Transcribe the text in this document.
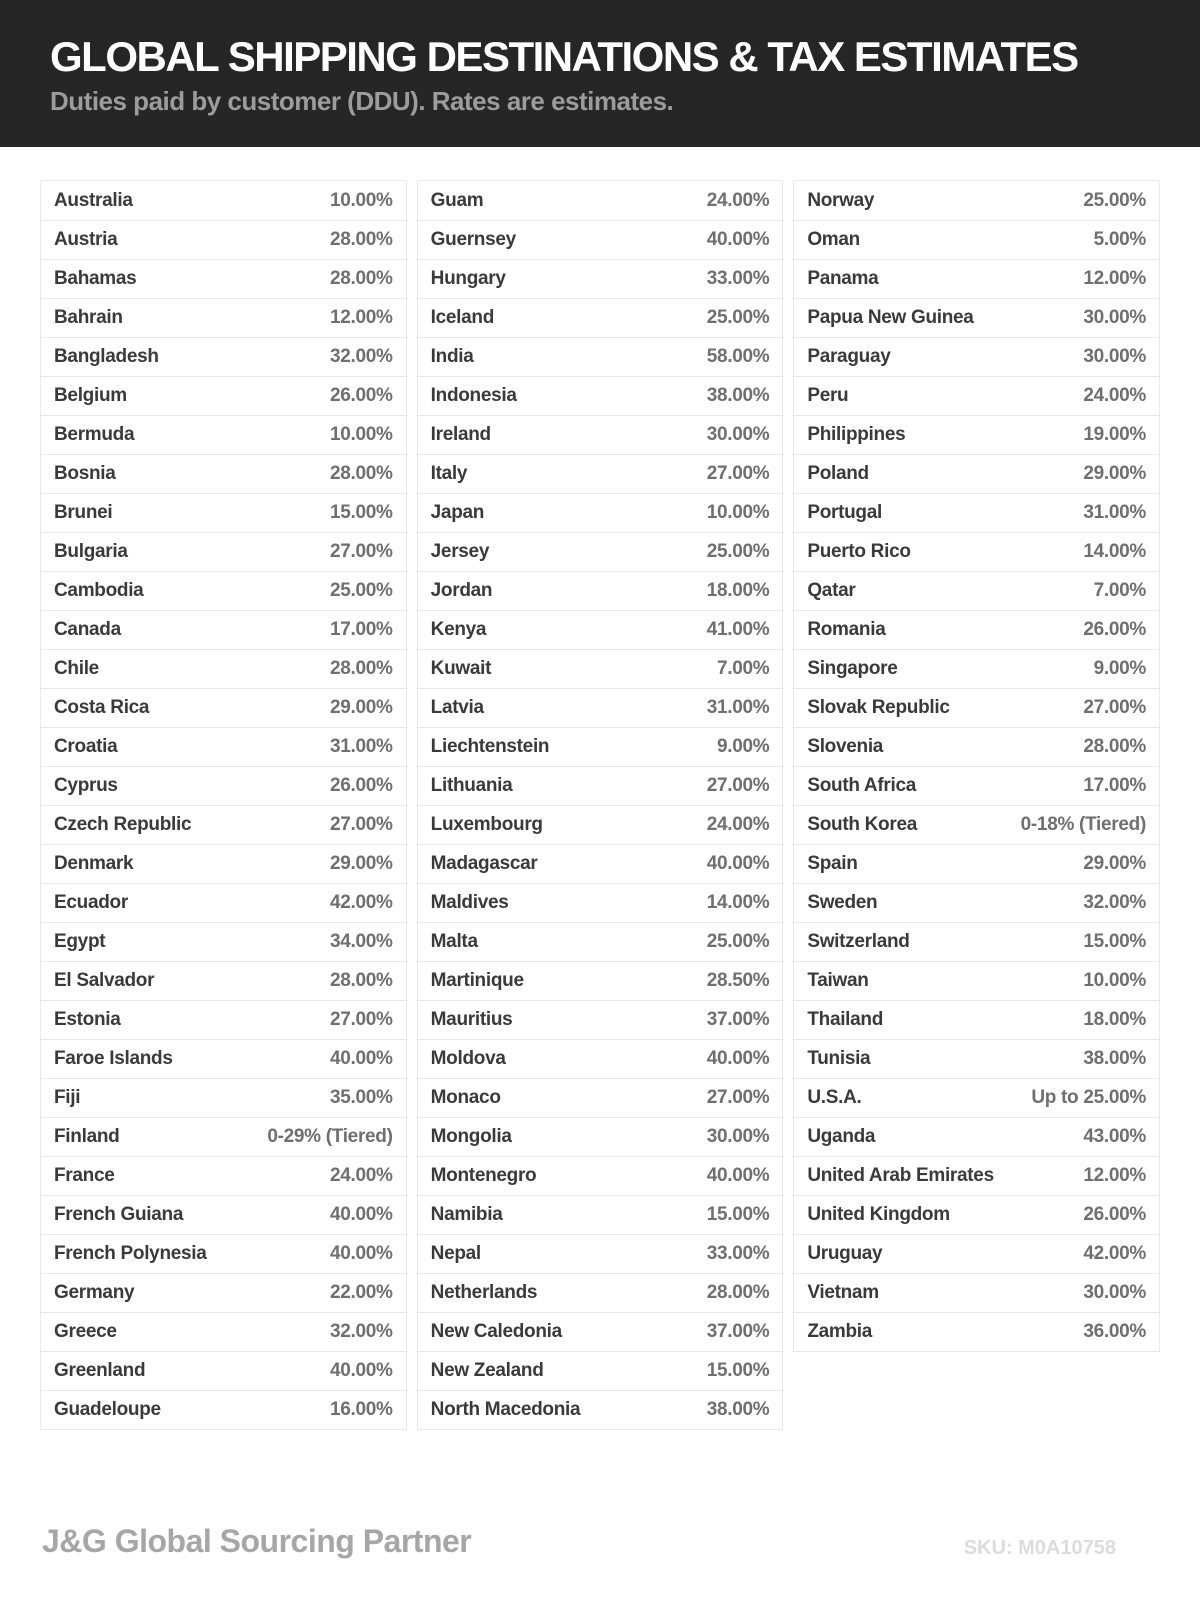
GLOBAL SHIPPING DESTINATIONS & TAX ESTIMATES

Duties paid by customer (DDU). Rates are estimates.

Australia	10.00%
Austria	28.00%
Bahamas	28.00%
Bahrain	12.00%
Bangladesh	32.00%
Belgium	26.00%
Bermuda	10.00%
Bosnia	28.00%
Brunei	15.00%
Bulgaria	27.00%
Cambodia	25.00%
Canada	17.00%
Chile	28.00%
Costa Rica	29.00%
Croatia	31.00%
Cyprus	26.00%
Czech Republic	27.00%
Denmark	29.00%
Ecuador	42.00%
Egypt	34.00%
El Salvador	28.00%
Estonia	27.00%
Faroe Islands	40.00%
Fiji	35.00%
Finland	0-29% (Tiered)
France	24.00%
French Guiana	40.00%
French Polynesia	40.00%
Germany	22.00%
Greece	32.00%
Greenland	40.00%
Guadeloupe	16.00%
Guam	24.00%
Guernsey	40.00%
Hungary	33.00%
Iceland	25.00%
India	58.00%
Indonesia	38.00%
Ireland	30.00%
Italy	27.00%
Japan	10.00%
Jersey	25.00%
Jordan	18.00%
Kenya	41.00%
Kuwait	7.00%
Latvia	31.00%
Liechtenstein	9.00%
Lithuania	27.00%
Luxembourg	24.00%
Madagascar	40.00%
Maldives	14.00%
Malta	25.00%
Martinique	28.50%
Mauritius	37.00%
Moldova	40.00%
Monaco	27.00%
Mongolia	30.00%
Montenegro	40.00%
Namibia	15.00%
Nepal	33.00%
Netherlands	28.00%
New Caledonia	37.00%
New Zealand	15.00%
North Macedonia	38.00%
Norway	25.00%
Oman	5.00%
Panama	12.00%
Papua New Guinea	30.00%
Paraguay	30.00%
Peru	24.00%
Philippines	19.00%
Poland	29.00%
Portugal	31.00%
Puerto Rico	14.00%
Qatar	7.00%
Romania	26.00%
Singapore	9.00%
Slovak Republic	27.00%
Slovenia	28.00%
South Africa	17.00%
South Korea	0-18% (Tiered)
Spain	29.00%
Sweden	32.00%
Switzerland	15.00%
Taiwan	10.00%
Thailand	18.00%
Tunisia	38.00%
U.S.A.	Up to 25.00%
Uganda	43.00%
United Arab Emirates	12.00%
United Kingdom	26.00%
Uruguay	42.00%
Vietnam	30.00%
Zambia	36.00%
J&G Global Sourcing Partner	SKU: M0A10758
